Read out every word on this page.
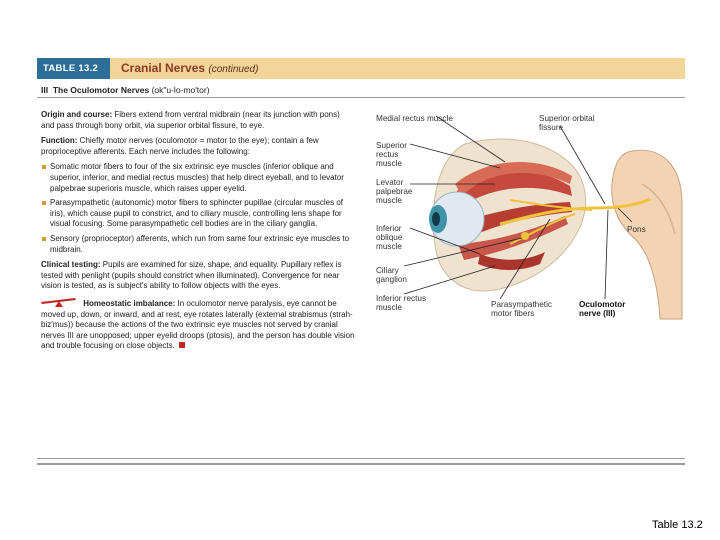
TABLE 13.2	Cranial Nerves (continued)
III The Oculomotor Nerves (ok″u-lo-mo′tor)

Origin and course: Fibers extend from ventral midbrain (near its junction with pons) and pass through bony orbit, via superior orbital fissure, to eye.

Function: Chiefly motor nerves (oculomotor = motor to the eye); contain a few proprioceptive afferents. Each nerve includes the following:

Somatic motor fibers to four of the six extrinsic eye muscles (inferior oblique and superior, inferior, and medial rectus muscles) that help direct eyeball, and to levator palpebrae superioris muscle, which raises upper eyelid.
Parasympathetic (autonomic) motor fibers to sphincter pupillae (circular muscles of iris), which cause pupil to constrict, and to ciliary muscle, controlling lens shape for visual focusing. Some parasympathetic cell bodies are in the ciliary ganglia.
Sensory (proprioceptor) afferents, which run from same four extrinsic eye muscles to midbrain.

Clinical testing: Pupils are examined for size, shape, and equality. Pupillary reflex is tested with penlight (pupils should constrict when illuminated). Convergence for near vision is tested, as is subject's ability to follow objects with the eyes.

Homeostatic imbalance: In oculomotor nerve paralysis, eye cannot be moved up, down, or inward, and at rest, eye rotates laterally (external strabismus (strah-biz′mus)) because the actions of the two extrinsic eye muscles not served by cranial nerves III are unopposed; upper eyelid droops (ptosis), and the person has double vision and trouble focusing on close objects.

Medial rectus muscle
Superior rectus muscle
Levator palpebrae muscle
Inferior oblique muscle
Ciliary ganglion
Inferior rectus muscle
Superior orbital fissure
Pons
Parasympathetic motor fibers
Oculomotor nerve (III)
Table 13.2
